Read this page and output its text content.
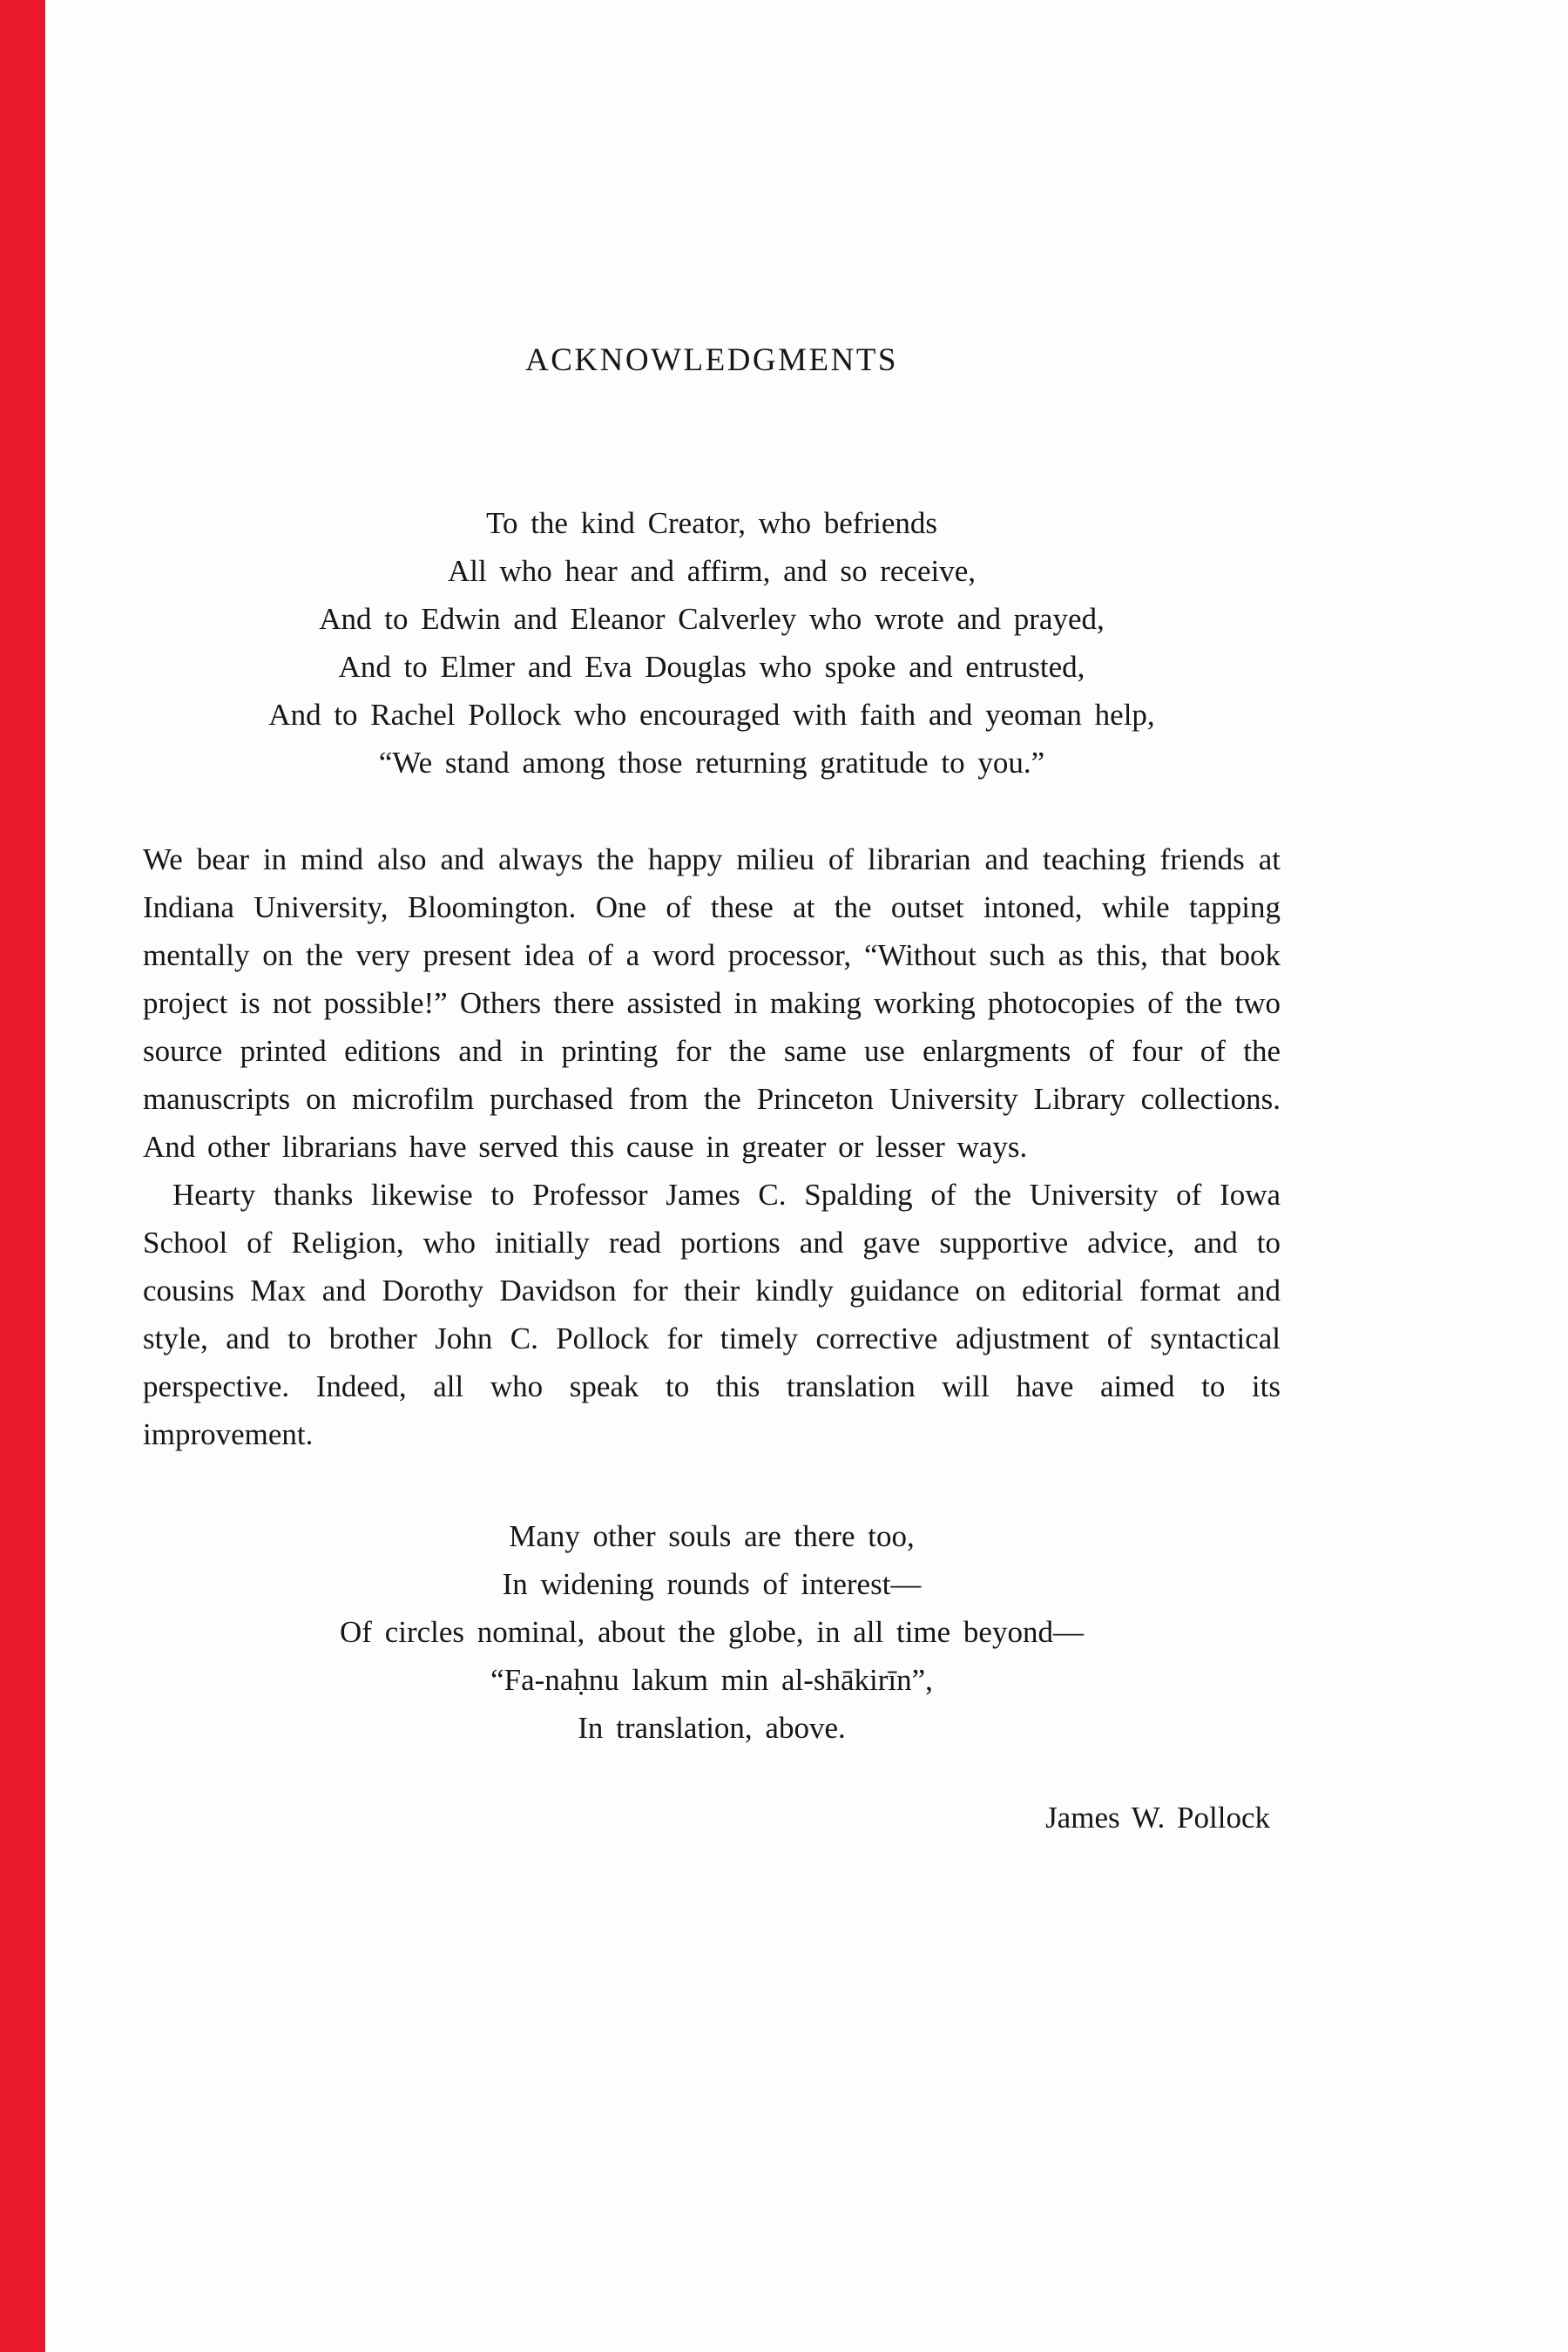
ACKNOWLEDGMENTS
To the kind Creator, who befriends
All who hear and affirm, and so receive,
And to Edwin and Eleanor Calverley who wrote and prayed,
And to Elmer and Eva Douglas who spoke and entrusted,
And to Rachel Pollock who encouraged with faith and yeoman help,
“We stand among those returning gratitude to you.”

We bear in mind also and always the happy milieu of librarian and teaching friends at Indiana University, Bloomington. One of these at the outset intoned, while tapping mentally on the very present idea of a word processor, “Without such as this, that book project is not possible!” Others there assisted in making working photocopies of the two source printed editions and in printing for the same use enlargments of four of the manuscripts on microfilm purchased from the Princeton University Library collections. And other librarians have served this cause in greater or lesser ways.

Hearty thanks likewise to Professor James C. Spalding of the University of Iowa School of Religion, who initially read portions and gave supportive advice, and to cousins Max and Dorothy Davidson for their kindly guidance on editorial format and style, and to brother John C. Pollock for timely corrective adjustment of syntactical perspective. Indeed, all who speak to this translation will have aimed to its improvement.

Many other souls are there too,
In widening rounds of interest—
Of circles nominal, about the globe, in all time beyond—
“Fa-naḥnu lakum min al-shākirīn”,
In translation, above.
James W. Pollock
